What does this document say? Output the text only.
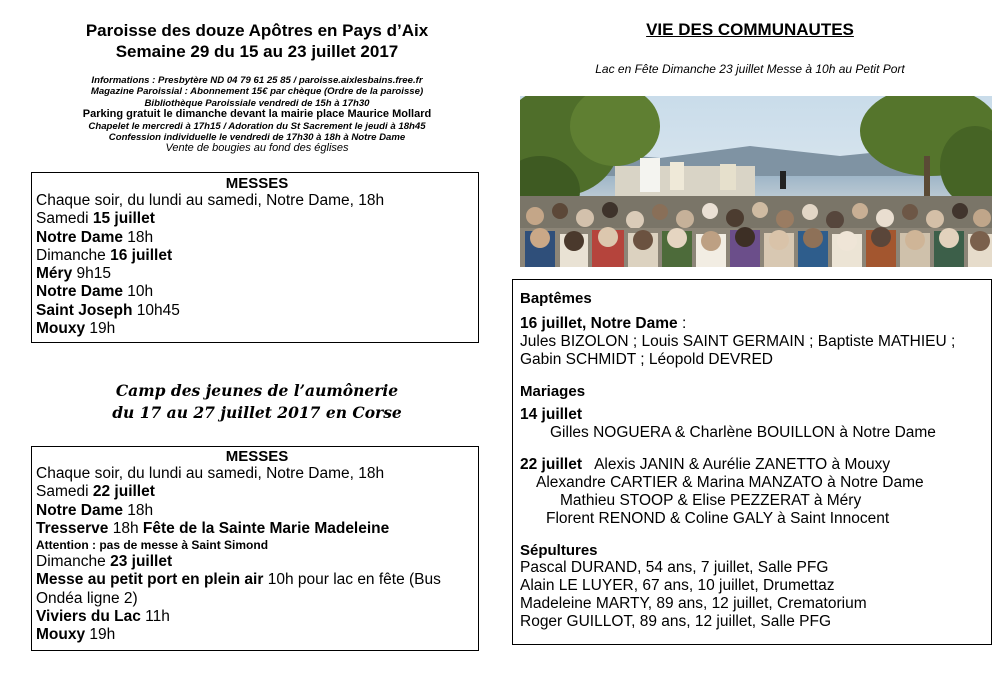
Paroisse des douze Apôtres en Pays d’Aix
Semaine 29 du 15 au 23 juillet 2017
Informations : Presbytère ND 04 79 61 25 85 / paroisse.aixlesbains.free.fr
Magazine Paroissial : Abonnement 15€ par chèque (Ordre de la paroisse)
Bibliothèque Paroissiale vendredi de 15h à 17h30
Parking gratuit le dimanche devant la mairie place Maurice Mollard
Chapelet le mercredi à 17h15 / Adoration du St Sacrement le jeudi à 18h45
Confession individuelle le vendredi de 17h30 à 18h à Notre Dame
Vente de bougies au fond des églises
MESSES
Chaque soir, du lundi au samedi, Notre Dame, 18h
Samedi 15 juillet
Notre Dame 18h
Dimanche 16 juillet
Méry 9h15
Notre Dame 10h
Saint Joseph 10h45
Mouxy 19h
Camp des jeunes de l’aumônerie
du 17 au 27 juillet 2017 en Corse
MESSES
Chaque soir, du lundi au samedi, Notre Dame, 18h
Samedi 22 juillet
Notre Dame 18h
Tresserve 18h Fête de la Sainte Marie Madeleine
Attention : pas de messe à Saint Simond
Dimanche 23 juillet
Messe au petit port en plein air 10h pour lac en fête (Bus
Ondéa ligne 2)
Viviers du Lac 11h
Mouxy 19h
VIE DES COMMUNAUTES
Lac en Fête Dimanche 23 juillet Messe à 10h au Petit Port
Baptêmes
16 juillet, Notre Dame :
Jules BIZOLON ; Louis SAINT GERMAIN ; Baptiste MATHIEU ;
Gabin SCHMIDT ; Léopold DEVRED
Mariages
14 juillet
Gilles NOGUERA & Charlène BOUILLON à Notre Dame
22 juillet   Alexis JANIN & Aurélie ZANETTO à Mouxy
Alexandre CARTIER & Marina MANZATO à Notre Dame
Mathieu STOOP & Elise PEZZERAT à Méry
Florent RENOND & Coline GALY à Saint Innocent
Sépultures
Pascal DURAND, 54 ans, 7 juillet, Salle PFG
Alain LE LUYER, 67 ans, 10 juillet, Drumettaz
Madeleine MARTY, 89 ans, 12 juillet, Crematorium
Roger GUILLOT, 89 ans, 12 juillet, Salle PFG
